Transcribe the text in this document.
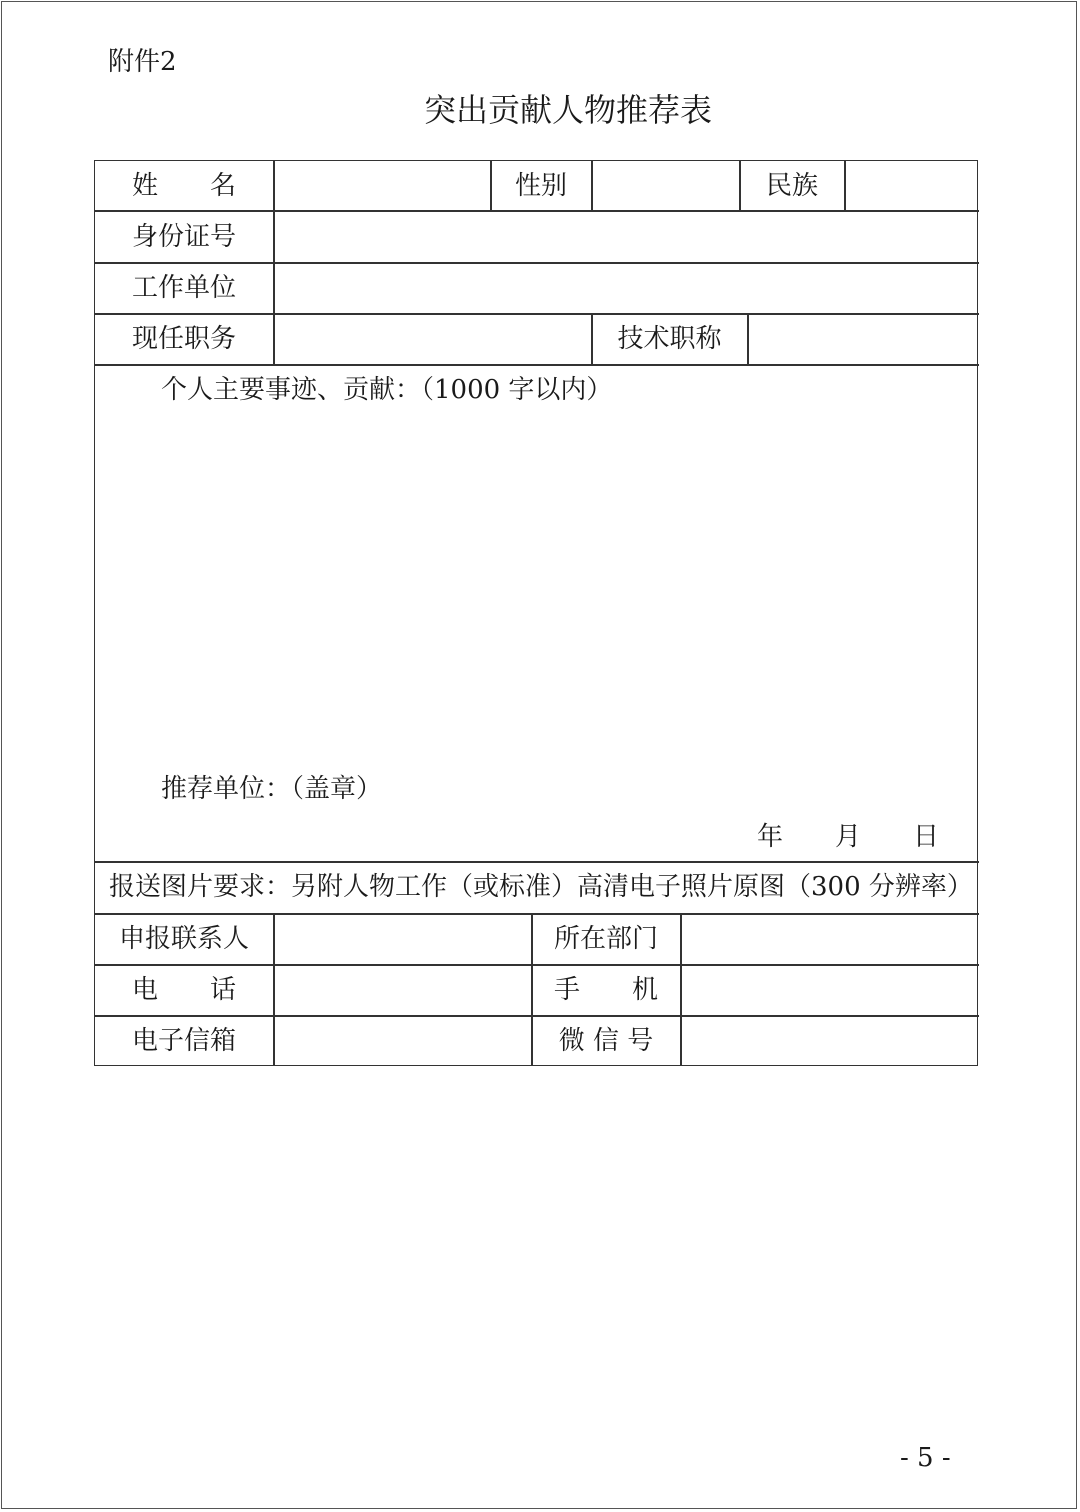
附件2
突出贡献人物推荐表
姓　　名	性别	民族
身份证号
工作单位
现任职务	技术职称
个人主要事迹、贡献：（1000 字以内）
推荐单位：（盖章）
年　　月　　日
报送图片要求：另附人物工作（或标准）高清电子照片原图（300 分辨率）
申报联系人	所在部门
电　　话	手　　机
电子信箱	微 信 号
- 5 -
